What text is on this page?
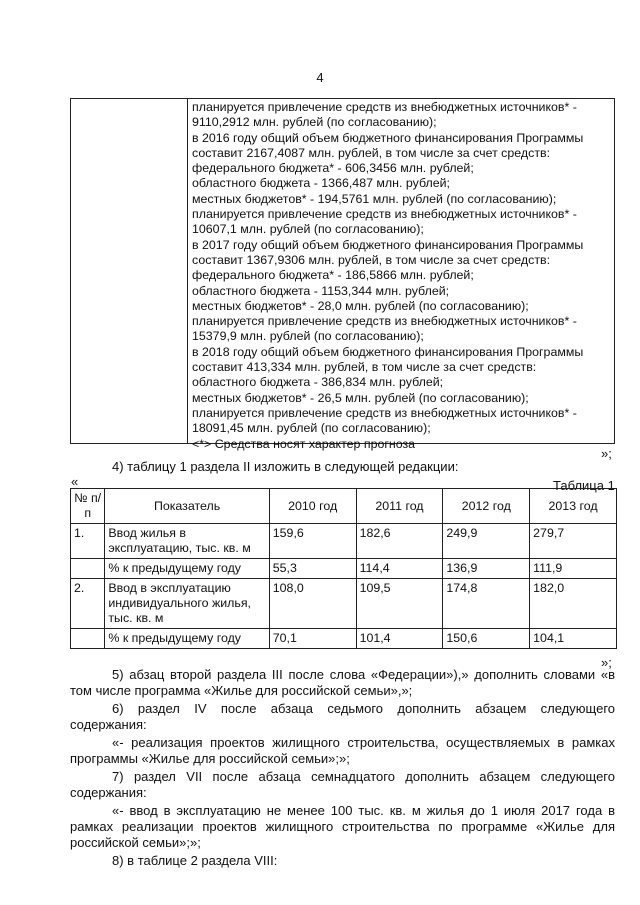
4
планируется привлечение средств из внебюджетных источников* -
9110,2912 млн. рублей (по согласованию);
в 2016 году общий объем бюджетного финансирования Программы
составит 2167,4087 млн. рублей, в том числе за счет средств:
федерального бюджета* - 606,3456 млн. рублей;
областного бюджета - 1366,487 млн. рублей;
местных бюджетов* - 194,5761 млн. рублей (по согласованию);
планируется привлечение средств из внебюджетных источников* -
10607,1 млн. рублей (по согласованию);
в 2017 году общий объем бюджетного финансирования Программы
составит 1367,9306 млн. рублей, в том числе за счет средств:
федерального бюджета* - 186,5866 млн. рублей;
областного бюджета - 1153,344 млн. рублей;
местных бюджетов* - 28,0 млн. рублей (по согласованию);
планируется привлечение средств из внебюджетных источников* -
15379,9 млн. рублей (по согласованию);
в 2018 году общий объем бюджетного финансирования Программы
составит 413,334 млн. рублей, в том числе за счет средств:
областного бюджета - 386,834 млн. рублей;
местных бюджетов* - 26,5 млн. рублей (по согласованию);
планируется привлечение средств из внебюджетных источников* -
18091,45 млн. рублей (по согласованию);
<*> Средства носят характер прогноза
»;
4) таблицу 1 раздела II изложить в следующей редакции:
«	Таблица 1
№ п/п	Показатель	2010 год	2011 год	2012 год	2013 год
1.	Ввод жилья в эксплуатацию, тыс. кв. м	159,6	182,6	249,9	279,7
	% к предыдущему году	55,3	114,4	136,9	111,9
2.	Ввод в эксплуатацию индивидуального жилья, тыс. кв. м	108,0	109,5	174,8	182,0
	% к предыдущему году	70,1	101,4	150,6	104,1
»;
5) абзац второй раздела III после слова «Федерации»),» дополнить словами «в
том числе программа «Жилье для российской семьи»,»;
6) раздел IV после абзаца седьмого дополнить абзацем следующего
содержания:
«- реализация проектов жилищного строительства, осуществляемых в рамках
программы «Жилье для российской семьи»;»;
7) раздел VII после абзаца семнадцатого дополнить абзацем следующего
содержания:
«- ввод в эксплуатацию не менее 100 тыс. кв. м жилья до 1 июля 2017 года в
рамках реализации проектов жилищного строительства по программе «Жилье для
российской семьи»;»;
8) в таблице 2 раздела VIII:
